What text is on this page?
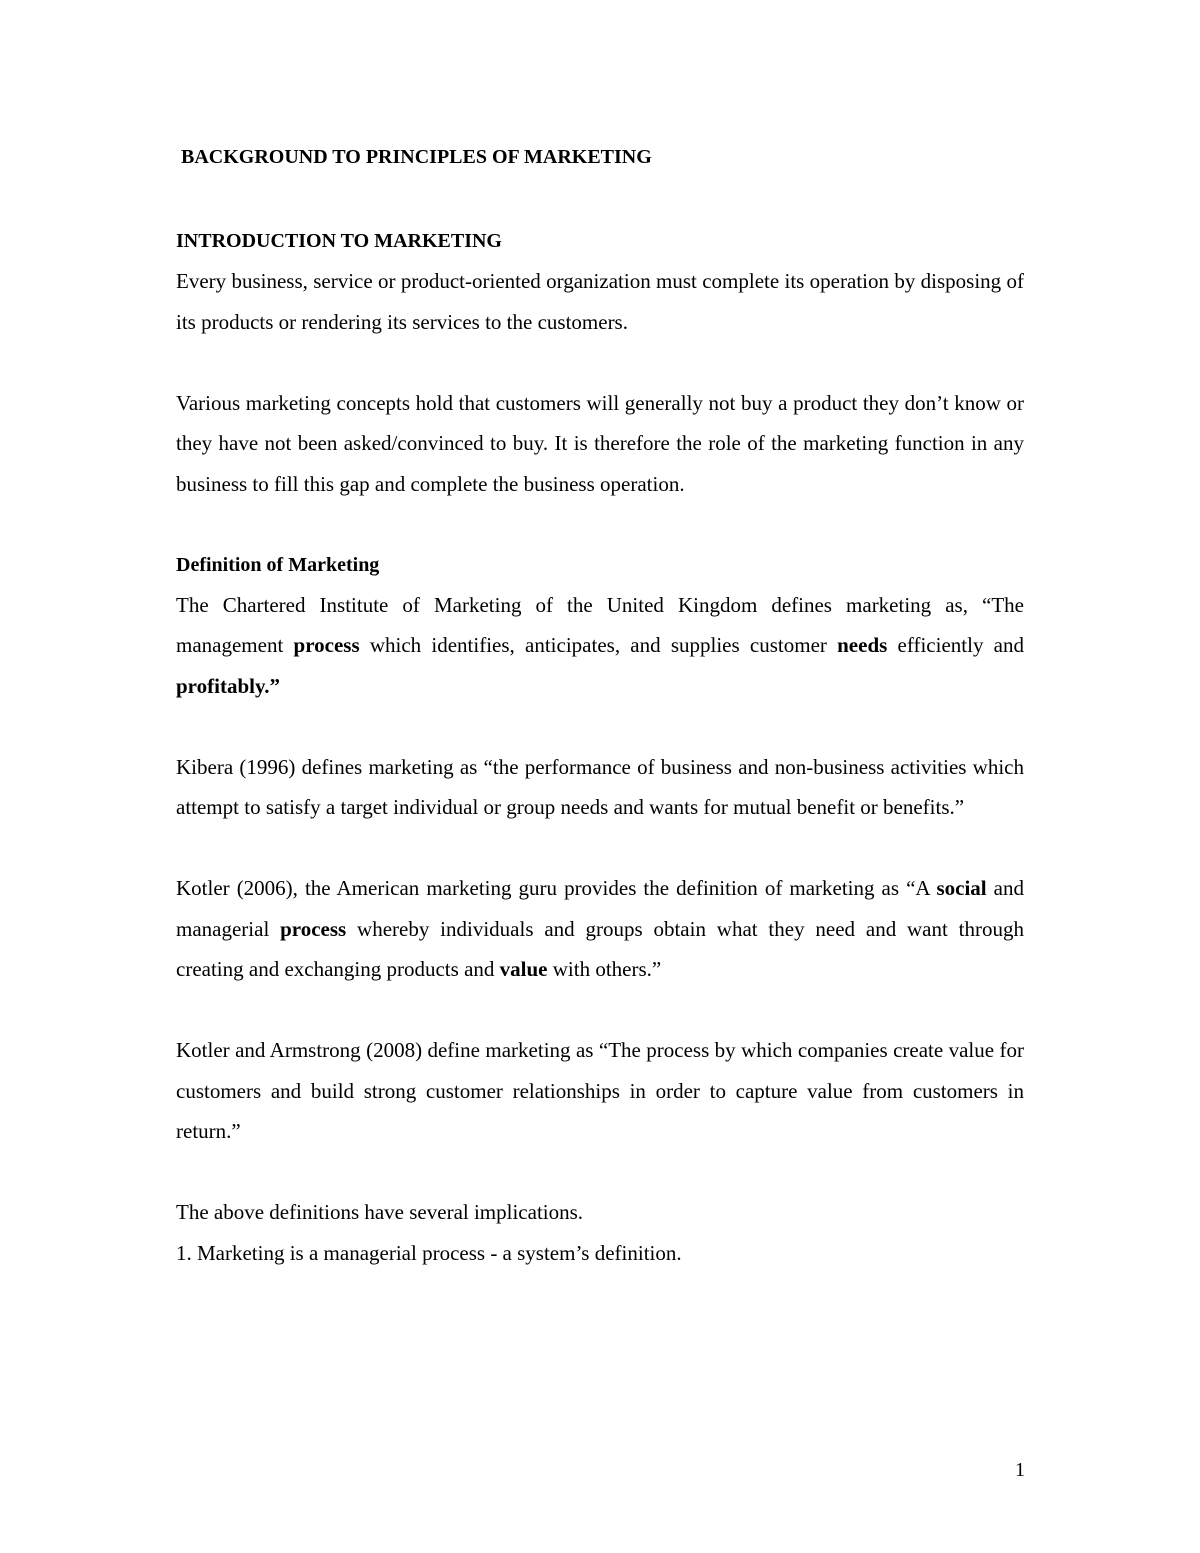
BACKGROUND TO PRINCIPLES OF MARKETING

INTRODUCTION TO MARKETING

Every business, service or product-oriented organization must complete its operation by disposing of its products or rendering its services to the customers.

Various marketing concepts hold that customers will generally not buy a product they don’t know or they have not been asked/convinced to buy. It is therefore the role of the marketing function in any business to fill this gap and complete the business operation.

Definition of Marketing

The Chartered Institute of Marketing of the United Kingdom defines marketing as, “The management process which identifies, anticipates, and supplies customer needs efficiently and profitably.”

Kibera (1996) defines marketing as “the performance of business and non-business activities which attempt to satisfy a target individual or group needs and wants for mutual benefit or benefits.”

Kotler (2006), the American marketing guru provides the definition of marketing as “A social and managerial process whereby individuals and groups obtain what they need and want through creating and exchanging products and value with others.”

Kotler and Armstrong (2008) define marketing as “The process by which companies create value for customers and build strong customer relationships in order to capture value from customers in return.”

The above definitions have several implications.

1. Marketing is a managerial process - a system’s definition.

1
